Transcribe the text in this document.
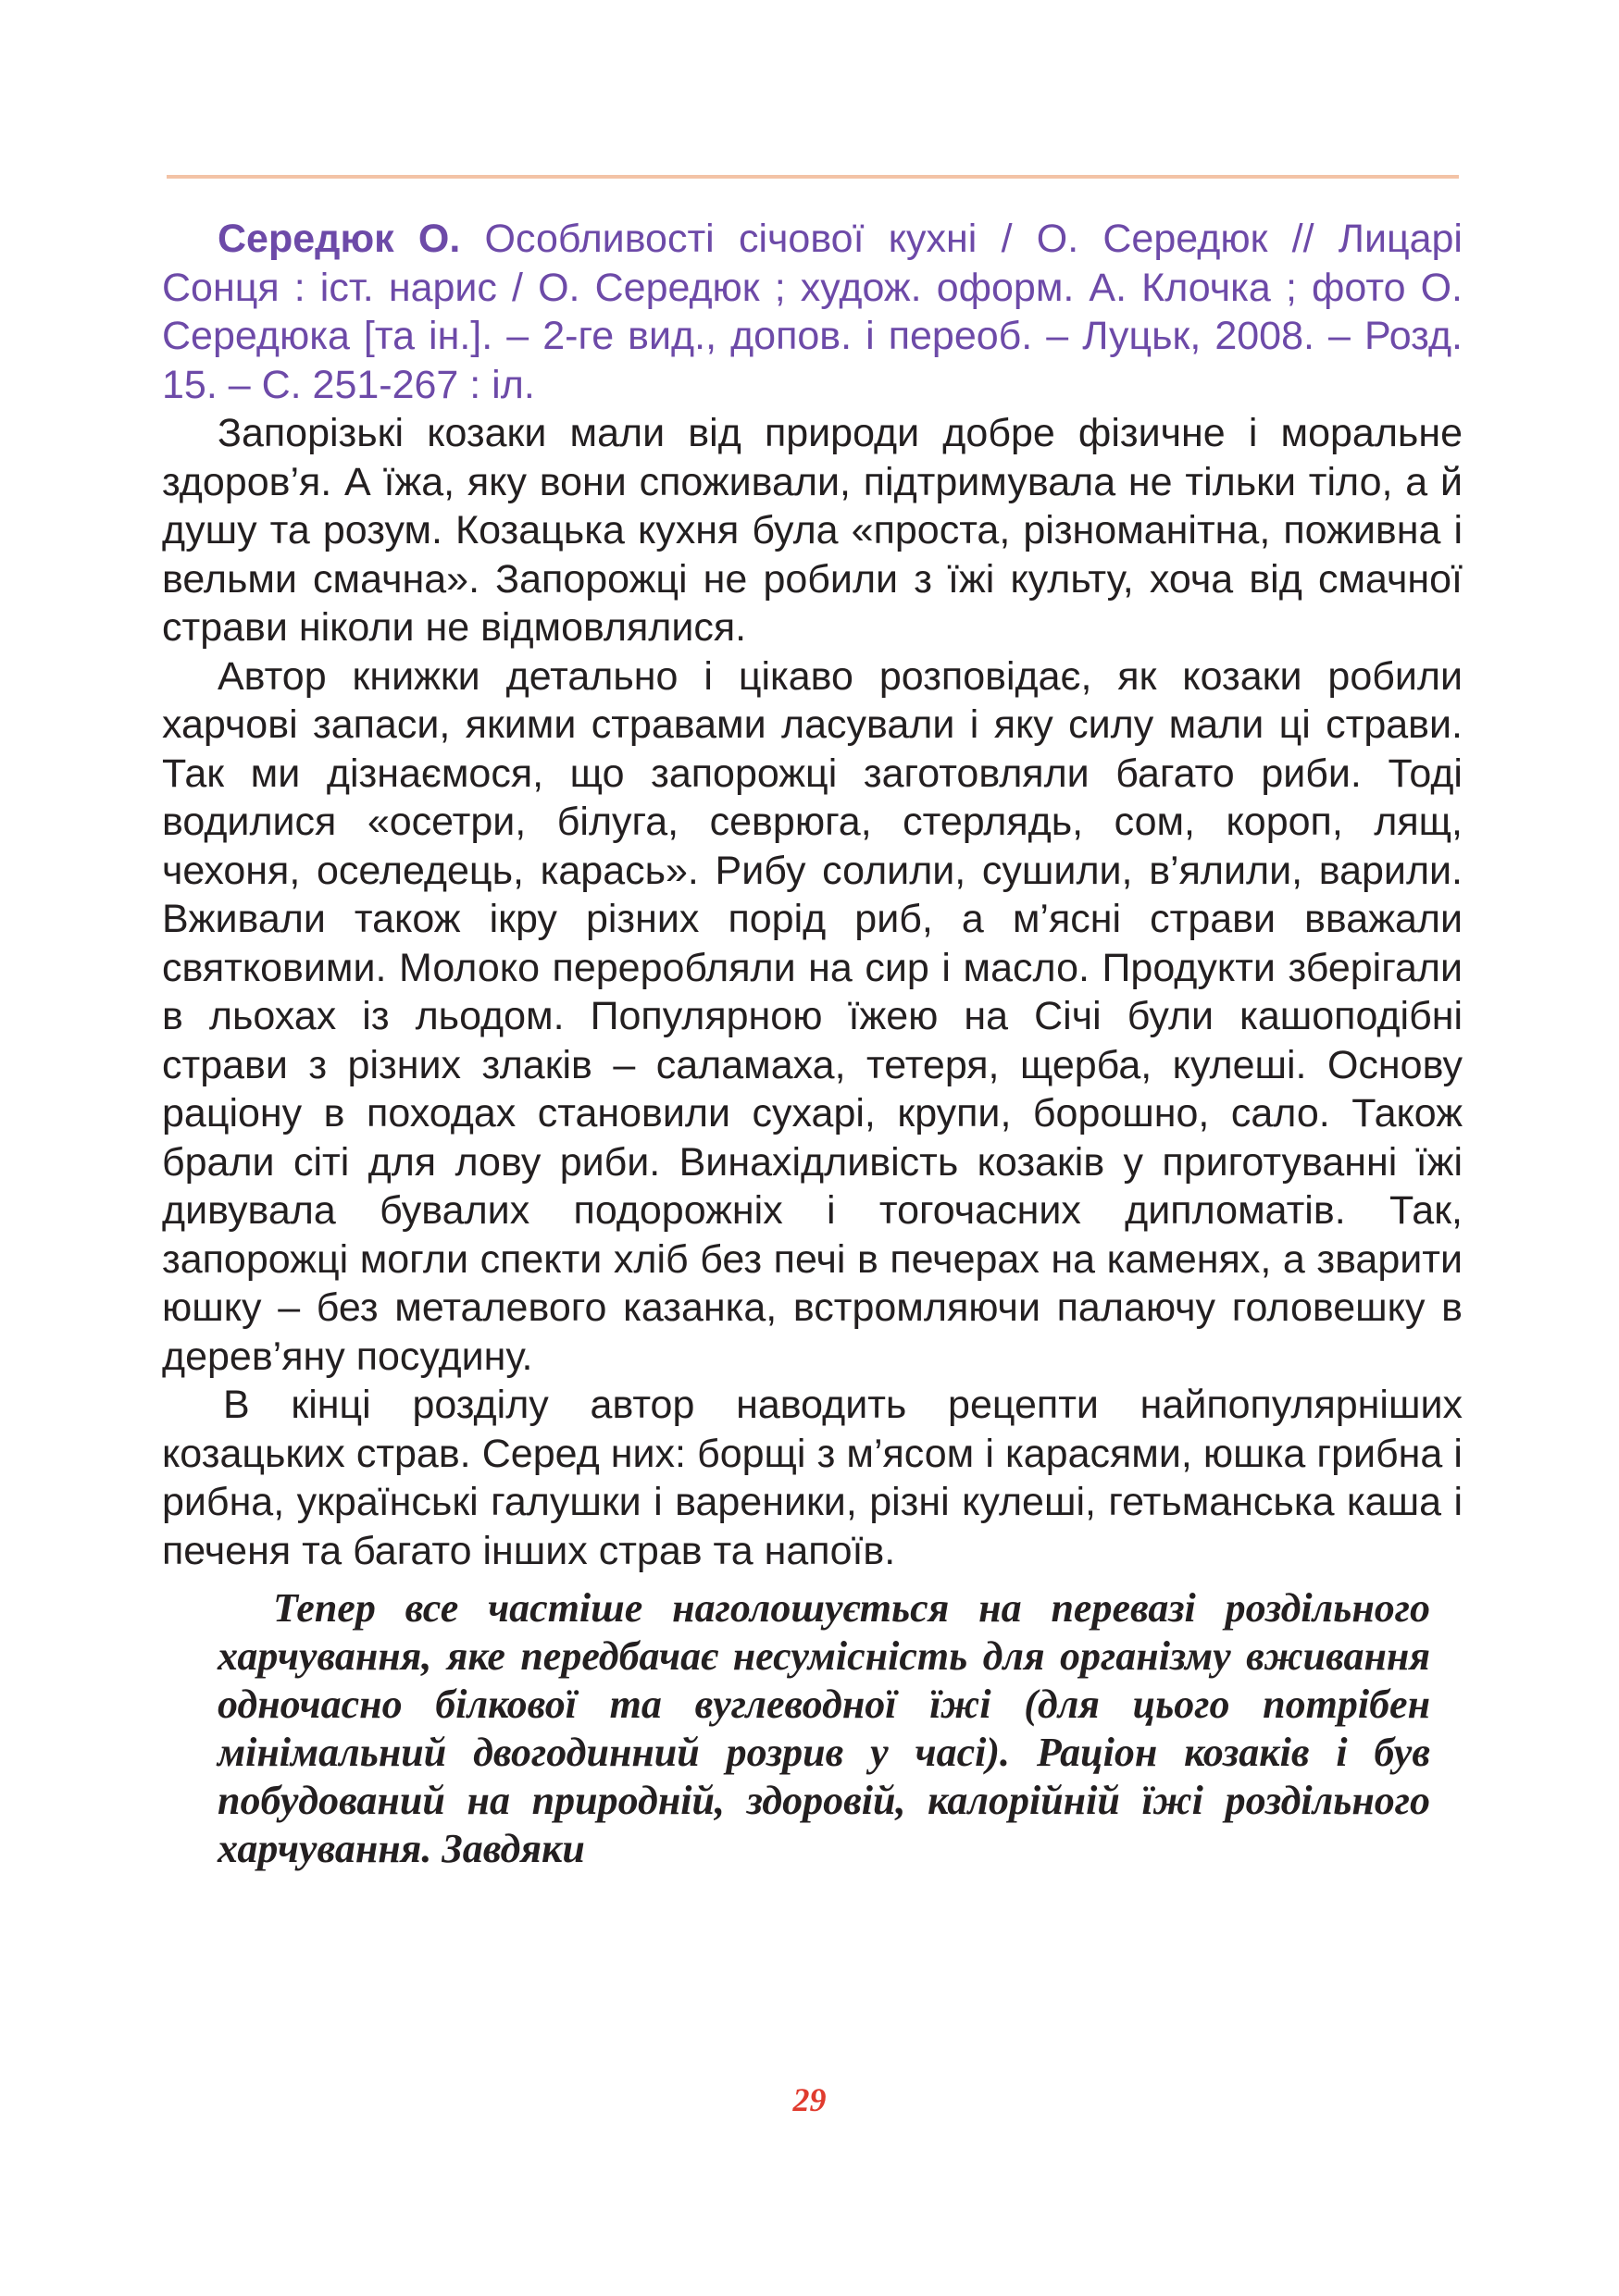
Середюк О. Особливості січової кухні / О. Середюк // Лицарі Сонця : іст. нарис / О. Середюк ; худож. оформ. А. Клочка ; фото О. Середюка [та ін.]. – 2-ге вид., допов. і переоб. – Луцьк, 2008. – Розд. 15. – С. 251-267 : іл.

Запорізькі козаки мали від природи добре фізичне і моральне здоров’я. А їжа, яку вони споживали, підтримувала не тільки тіло, а й душу та розум. Козацька кухня була «проста, різноманітна, поживна і вельми смачна». Запорожці не робили з їжі культу, хоча від смачної страви ніколи не відмовлялися.

Автор книжки детально і цікаво розповідає, як козаки робили харчові запаси, якими стравами ласували і яку силу мали ці страви. Так ми дізнаємося, що запорожці заготовляли багато риби. Тоді водилися «осетри, білуга, севрюга, стерлядь, сом, короп, лящ, чехоня, оселедець, карась». Рибу солили, сушили, в’ялили, варили. Вживали також ікру різних порід риб, а м’ясні страви вважали святковими. Молоко переробляли на сир і масло. Продукти зберігали в льохах із льодом. Популярною їжею на Січі були кашоподібні страви з різних злаків – саламаха, тетеря, щерба, кулеші. Основу раціону в походах становили сухарі, крупи, борошно, сало. Також брали сіті для лову риби. Винахідливість козаків у приготуванні їжі дивувала бувалих подорожніх і тогочасних дипломатів. Так, запорожці могли спекти хліб без печі в печерах на каменях, а зварити юшку – без металевого казанка, встромляючи палаючу головешку в дерев’яну посудину.

В кінці розділу автор наводить рецепти найпопулярніших козацьких страв. Серед них: борщі з м’ясом і карасями, юшка грибна і рибна, українські галушки і вареники, різні кулеші, гетьманська каша і печеня та багато інших страв та напоїв.

Тепер все частіше наголошується на перевазі роздільного харчування, яке передбачає несумісність для організму вживання одночасно білкової та вуглеводної їжі (для цього потрібен мінімальний двогодинний розрив у часі). Раціон козаків і був побудований на природній, здоровій, калорійній їжі роздільного харчування. Завдяки

29
